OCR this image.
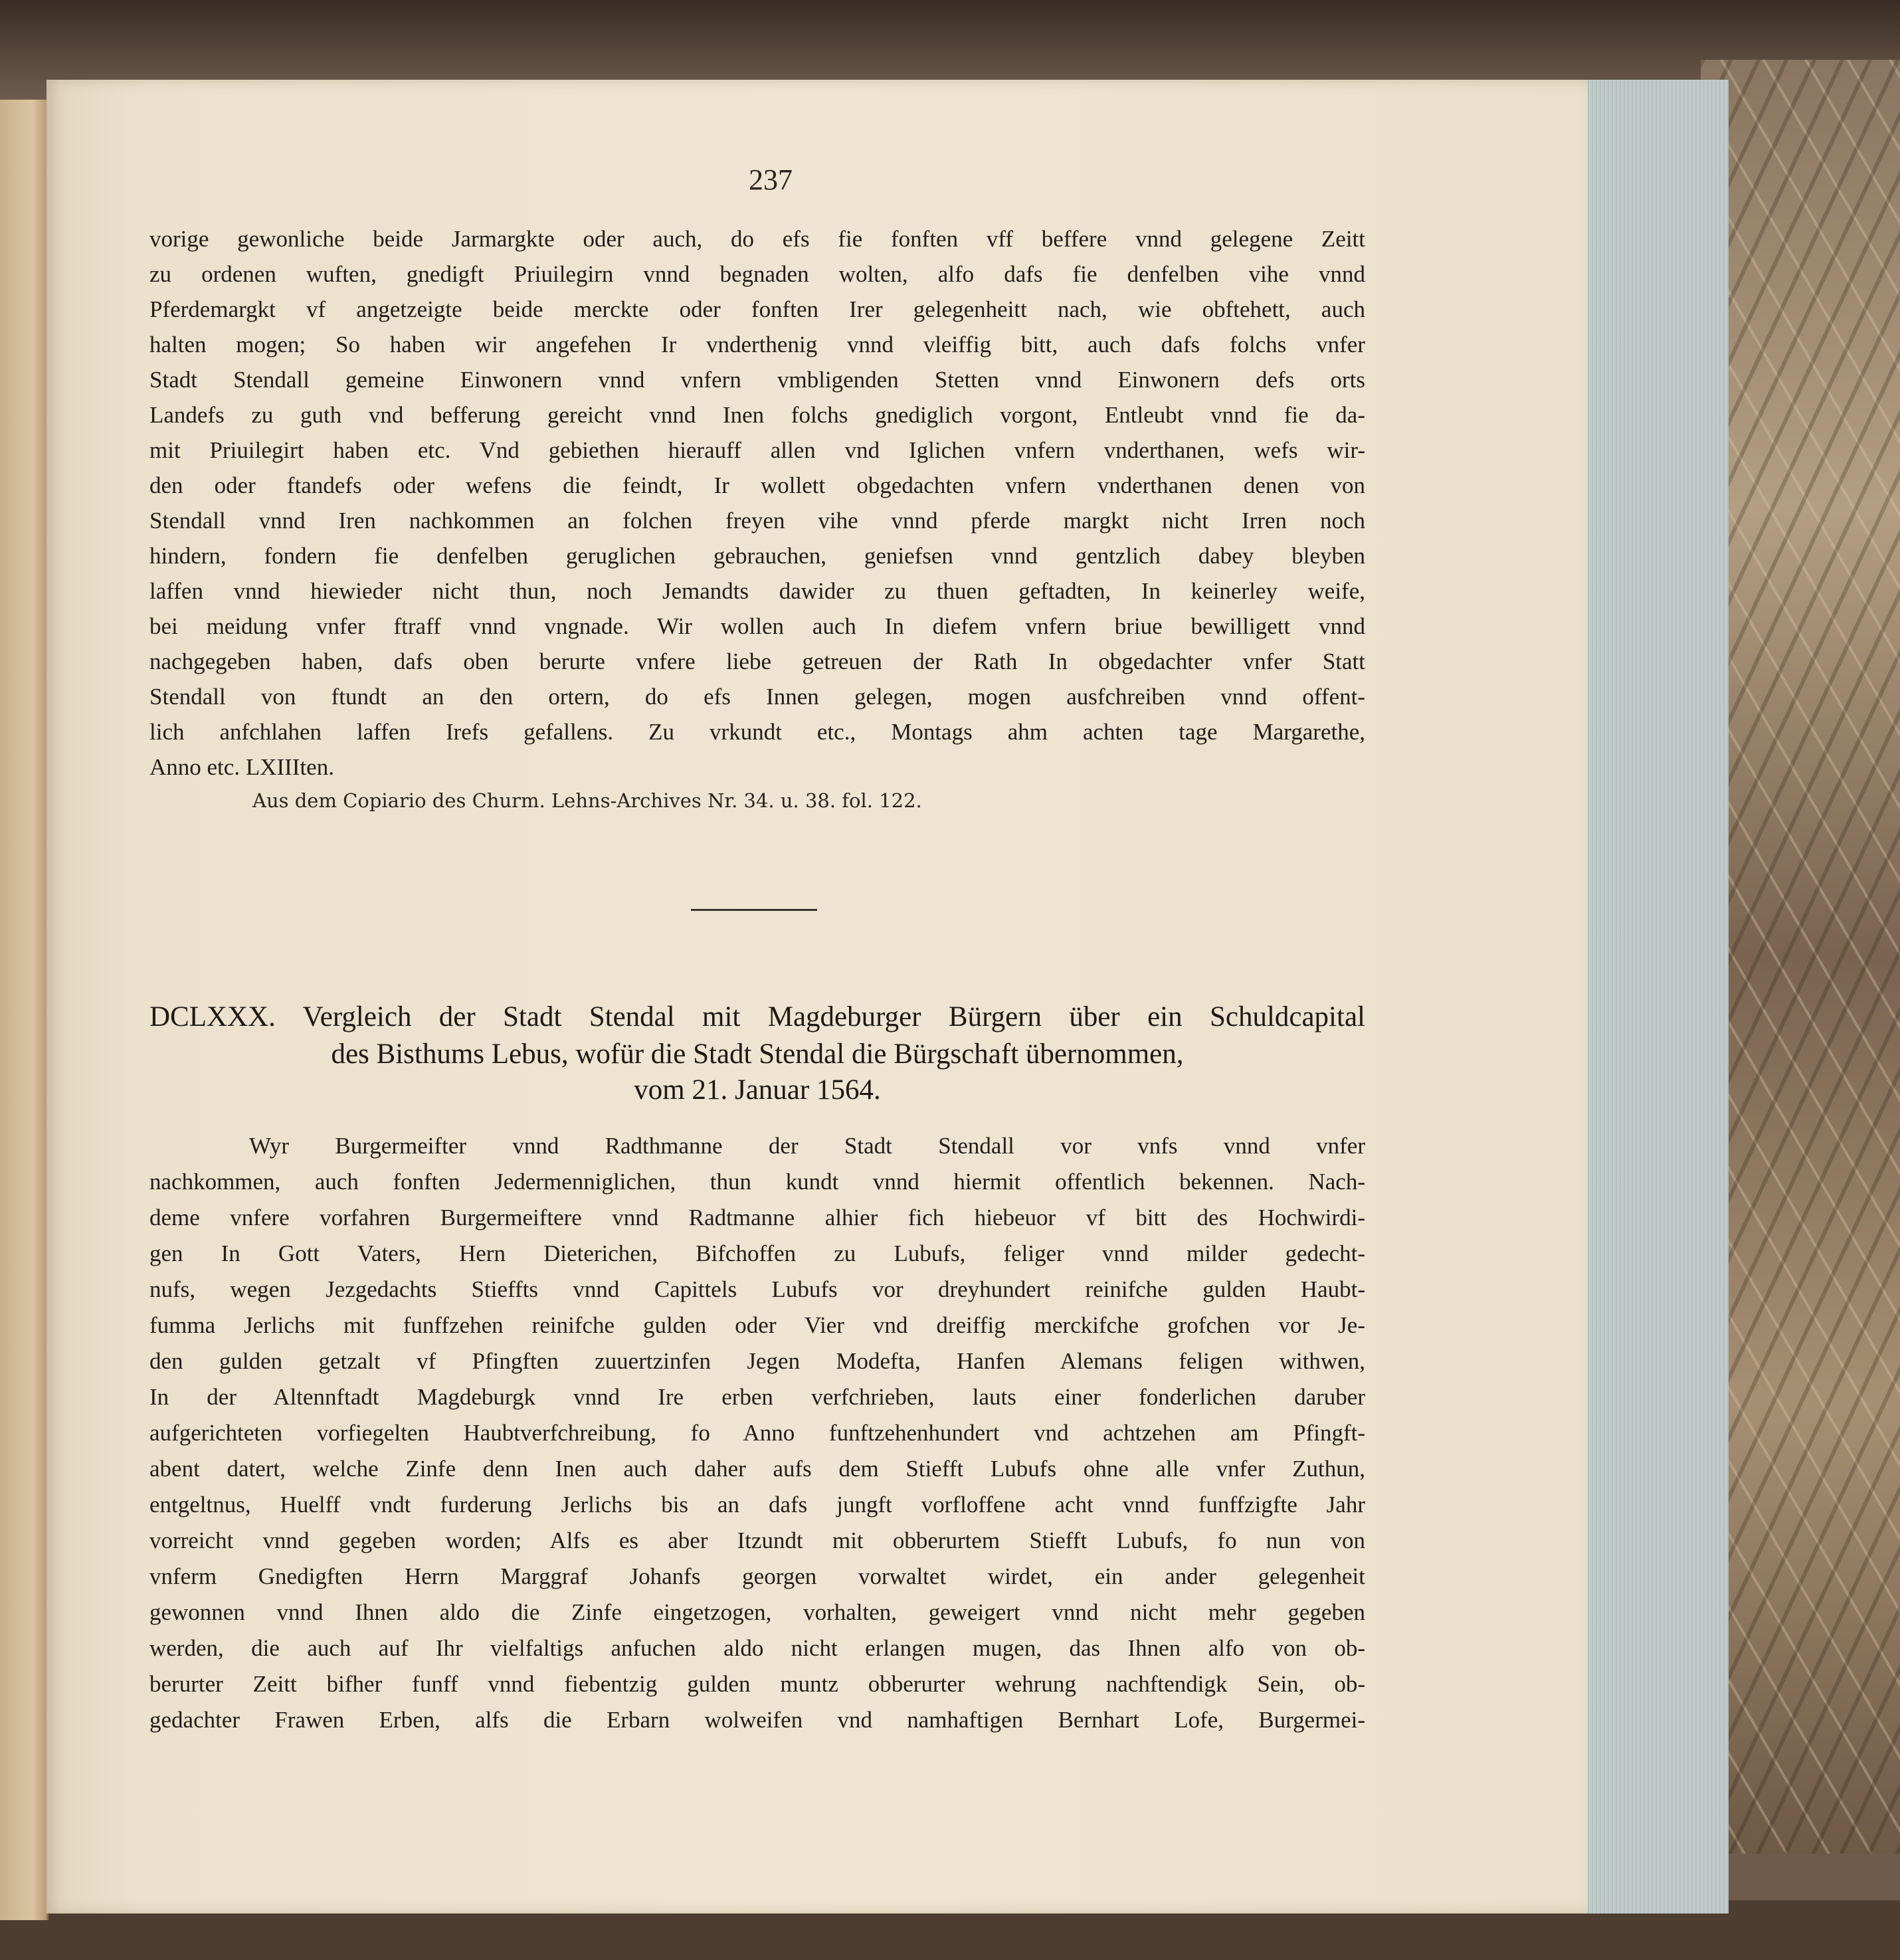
237
vorige gewonliche beide Jarmargkte oder auch, do efs fie fonften vff beffere vnnd gelegene Zeitt
zu ordenen wuften, gnedigft Priuilegirn vnnd begnaden wolten, alfo dafs fie denfelben vihe vnnd
Pferdemargkt vf angetzeigte beide merckte oder fonften Irer gelegenheitt nach, wie obftehett, auch
halten mogen; So haben wir angefehen Ir vnderthenig vnnd vleiffig bitt, auch dafs folchs vnfer
Stadt Stendall gemeine Einwonern vnnd vnfern vmbligenden Stetten vnnd Einwonern defs orts
Landefs zu guth vnd befferung gereicht vnnd Inen folchs gnediglich vorgont, Entleubt vnnd fie da-
mit Priuilegirt haben etc. Vnd gebiethen hierauff allen vnd Iglichen vnfern vnderthanen, wefs wir-
den oder ftandefs oder wefens die feindt, Ir wollett obgedachten vnfern vnderthanen denen von
Stendall vnnd Iren nachkommen an folchen freyen vihe vnnd pferde margkt nicht Irren noch
hindern, fondern fie denfelben geruglichen gebrauchen, geniefsen vnnd gentzlich dabey bleyben
laffen vnnd hiewieder nicht thun, noch Jemandts dawider zu thuen geftadten, In keinerley weife,
bei meidung vnfer ftraff vnnd vngnade. Wir wollen auch In diefem vnfern briue bewilligett vnnd
nachgegeben haben, dafs oben berurte vnfere liebe getreuen der Rath In obgedachter vnfer Statt
Stendall von ftundt an den ortern, do efs Innen gelegen, mogen ausfchreiben vnnd offent-
lich anfchlahen laffen Irefs gefallens. Zu vrkundt etc., Montags ahm achten tage Margarethe,
Anno etc. LXIIIten.
Aus dem Copiario des Churm. Lehns-Archives Nr. 34. u. 38. fol. 122.
DCLXXX. Vergleich der Stadt Stendal mit Magdeburger Bürgern über ein Schuldcapital
des Bisthums Lebus, wofür die Stadt Stendal die Bürgschaft übernommen,
vom 21. Januar 1564.
Wyr Burgermeifter vnnd Radthmanne der Stadt Stendall vor vnfs vnnd vnfer
nachkommen, auch fonften Jedermenniglichen, thun kundt vnnd hiermit offentlich bekennen. Nach-
deme vnfere vorfahren Burgermeiftere vnnd Radtmanne alhier fich hiebeuor vf bitt des Hochwirdi-
gen In Gott Vaters, Hern Dieterichen, Bifchoffen zu Lubufs, feliger vnnd milder gedecht-
nufs, wegen Jezgedachts Stieffts vnnd Capittels Lubufs vor dreyhundert reinifche gulden Haubt-
fumma Jerlichs mit funffzehen reinifche gulden oder Vier vnd dreiffig merckifche grofchen vor Je-
den gulden getzalt vf Pfingften zuuertzinfen Jegen Modefta, Hanfen Alemans feligen withwen,
In der Altennftadt Magdeburgk vnnd Ire erben verfchrieben, lauts einer fonderlichen daruber
aufgerichteten vorfiegelten Haubtverfchreibung, fo Anno funftzehenhundert vnd achtzehen am Pfingft-
abent datert, welche Zinfe denn Inen auch daher aufs dem Stiefft Lubufs ohne alle vnfer Zuthun,
entgeltnus, Huelff vndt furderung Jerlichs bis an dafs jungft vorfloffene acht vnnd funffzigfte Jahr
vorreicht vnnd gegeben worden; Alfs es aber Itzundt mit obberurtem Stiefft Lubufs, fo nun von
vnferm Gnedigften Herrn Marggraf Johanfs georgen vorwaltet wirdet, ein ander gelegenheit
gewonnen vnnd Ihnen aldo die Zinfe eingetzogen, vorhalten, geweigert vnnd nicht mehr gegeben
werden, die auch auf Ihr vielfaltigs anfuchen aldo nicht erlangen mugen, das Ihnen alfo von ob-
berurter Zeitt bifher funff vnnd fiebentzig gulden muntz obberurter wehrung nachftendigk Sein, ob-
gedachter Frawen Erben, alfs die Erbarn wolweifen vnd namhaftigen Bernhart Lofe, Burgermei-
